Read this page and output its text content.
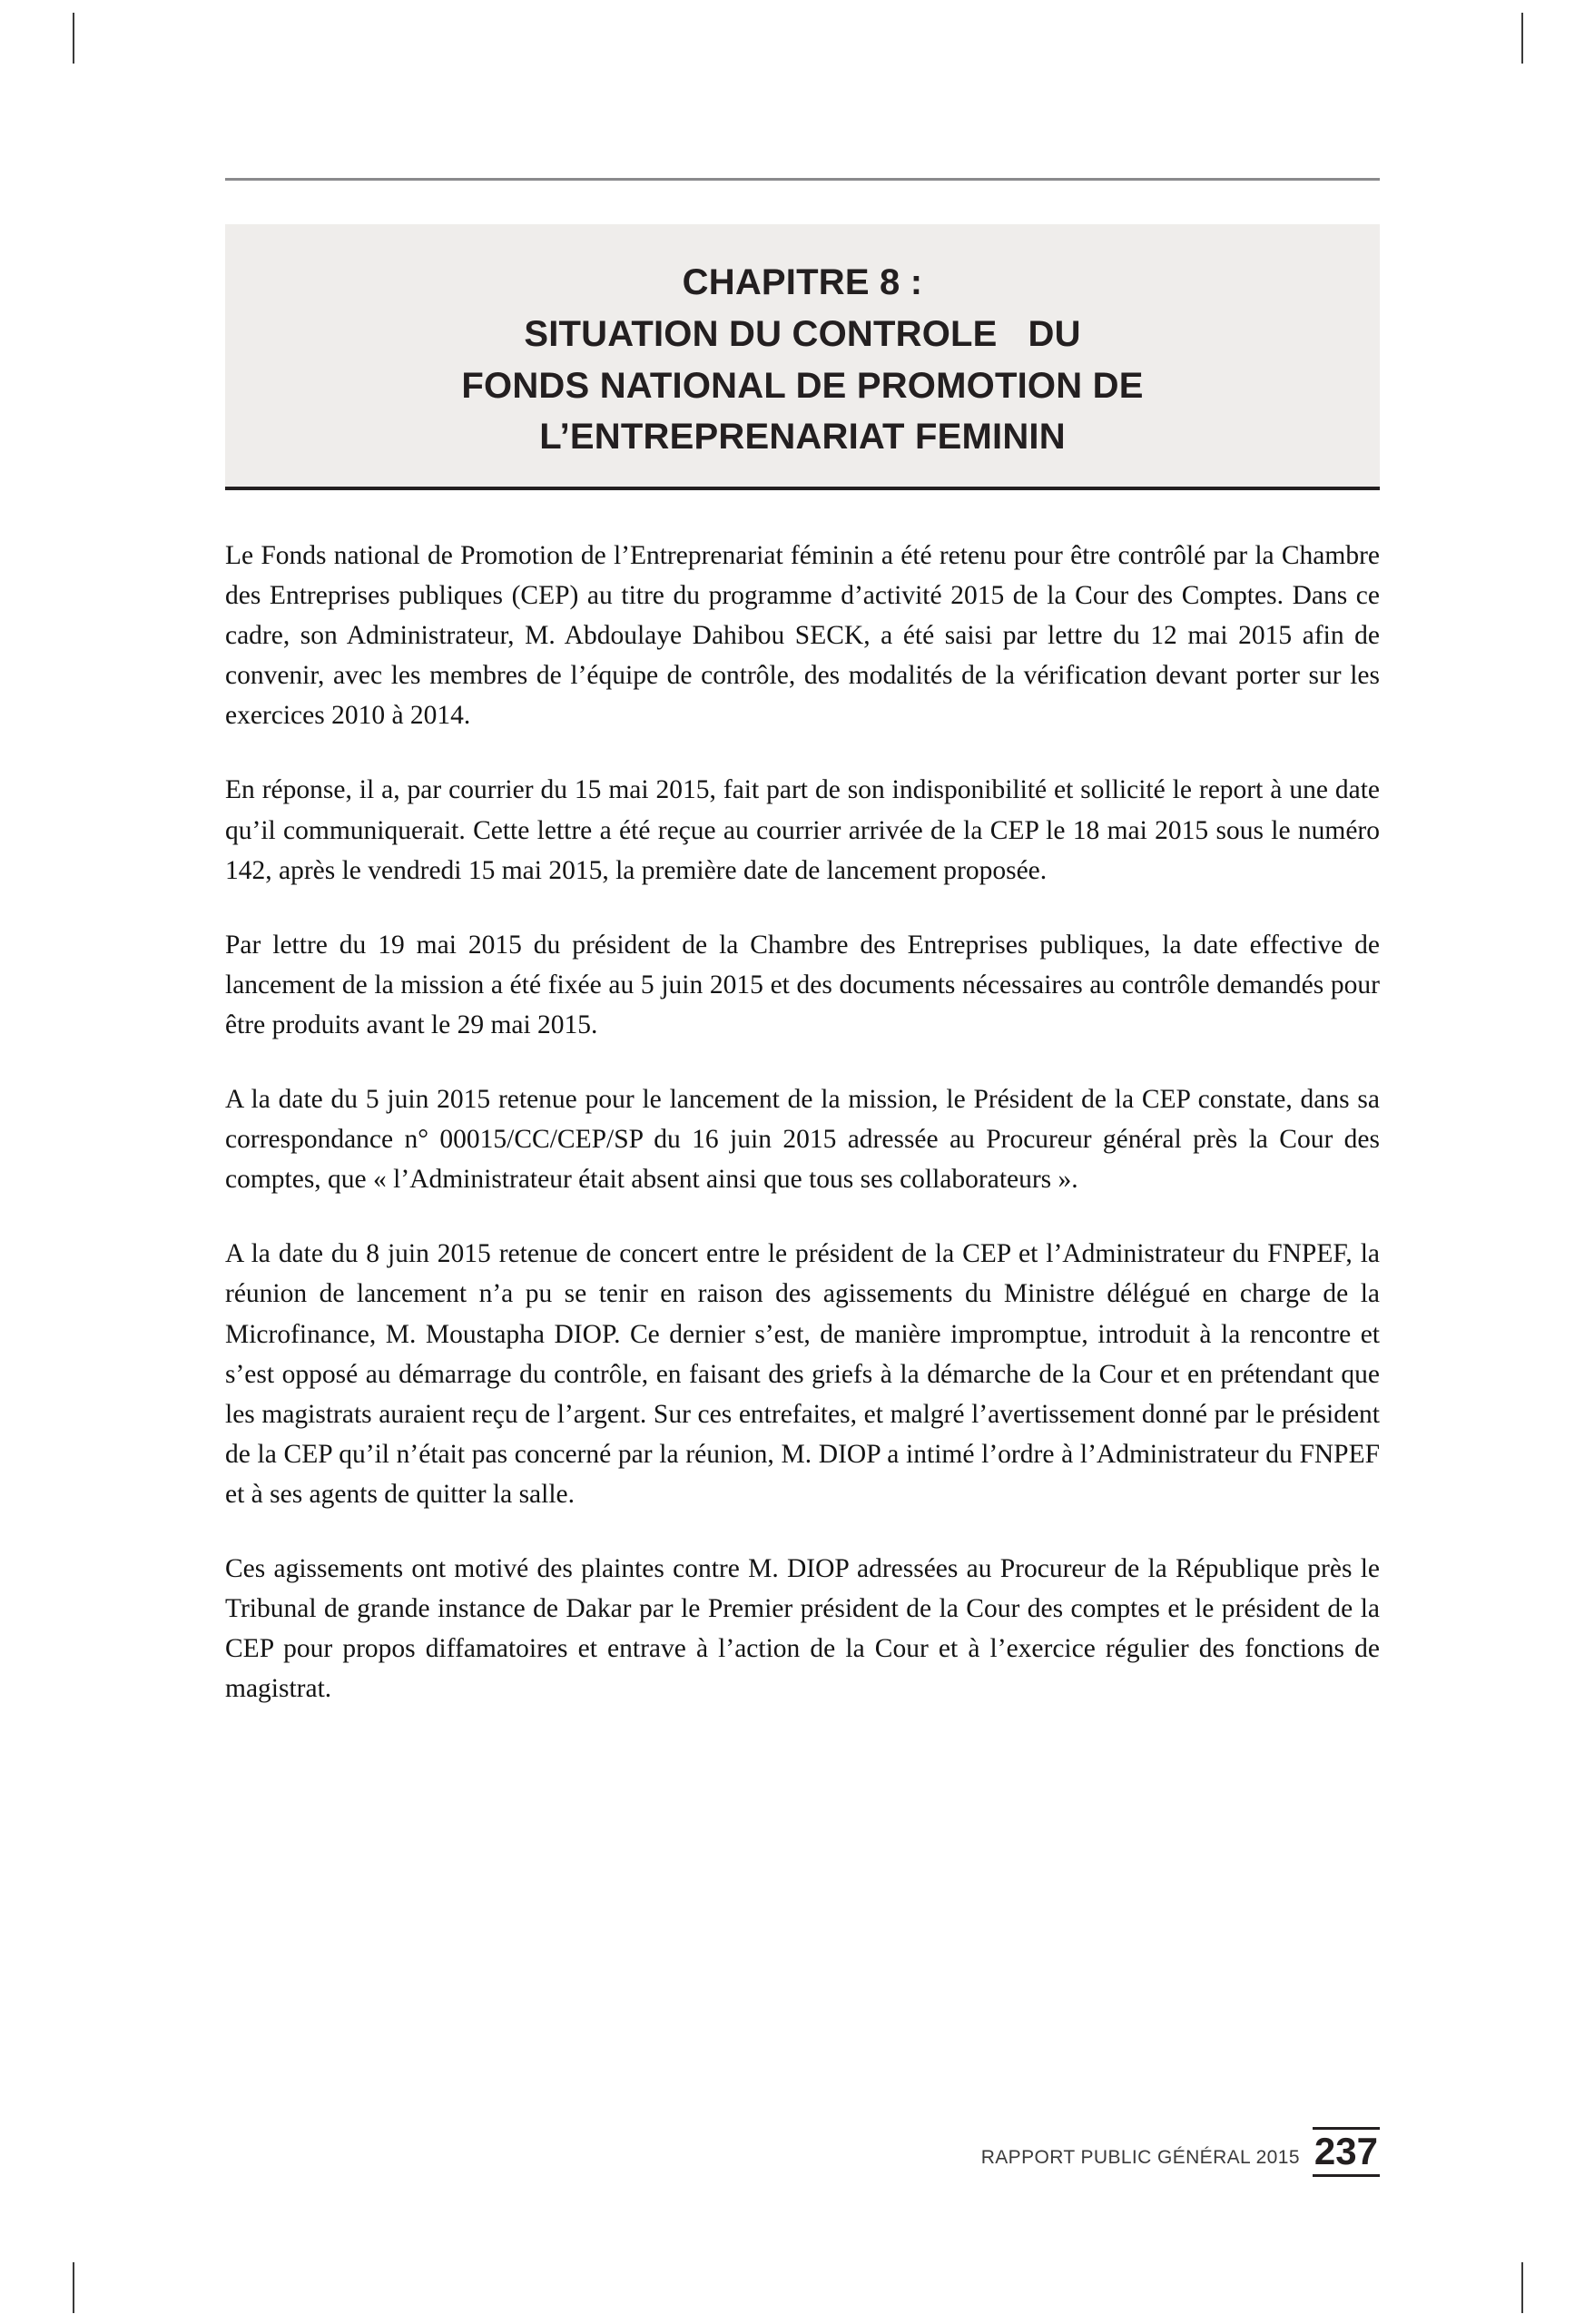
CHAPITRE 8 :
SITUATION DU CONTROLE   DU
FONDS NATIONAL DE PROMOTION DE
L’ENTREPRENARIAT FEMININ

Le Fonds national de Promotion de l’Entreprenariat féminin a été retenu pour être contrôlé par la Chambre des Entreprises publiques (CEP) au titre du programme d’activité 2015 de la Cour des Comptes. Dans ce cadre, son Administrateur, M. Abdoulaye Dahibou SECK, a été saisi par lettre du 12 mai 2015 afin de convenir, avec les membres de l’équipe de contrôle, des modalités de la vérification devant porter sur les exercices 2010 à 2014.

En réponse, il a, par courrier du 15 mai 2015, fait part de son indisponibilité et sollicité le report à une date qu’il communiquerait. Cette lettre a été reçue au courrier arrivée de la CEP le 18 mai 2015 sous le numéro 142, après le vendredi 15 mai 2015, la première date de lancement proposée.

Par lettre du 19 mai 2015 du président de la Chambre des Entreprises publiques, la date effective de lancement de la mission a été fixée au 5 juin 2015 et des documents nécessaires au contrôle demandés pour être produits avant le 29 mai 2015.

A la date du 5 juin 2015 retenue pour le lancement de la mission, le Président de la CEP constate, dans sa correspondance n° 00015/CC/CEP/SP du 16 juin 2015 adressée au Procureur général près la Cour des comptes, que « l’Administrateur était absent ainsi que tous ses collaborateurs ».

A la date du 8 juin 2015 retenue de concert entre le président de la CEP et l’Administrateur du FNPEF, la réunion de lancement n’a pu se tenir en raison des agissements du Ministre délégué en charge de la Microfinance, M. Moustapha DIOP. Ce dernier s’est, de manière impromptue, introduit à la rencontre et s’est opposé au démarrage du contrôle, en faisant des griefs à la démarche de la Cour et en prétendant que les magistrats auraient reçu de l’argent. Sur ces entrefaites, et malgré l’avertissement donné par le président de la CEP qu’il n’était pas concerné par la réunion, M. DIOP a intimé l’ordre à l’Administrateur du FNPEF et à ses agents de quitter la salle.

Ces agissements ont motivé des plaintes contre M. DIOP adressées au Procureur de la République près le Tribunal de grande instance de Dakar par le Premier président de la Cour des comptes et le président de la CEP pour propos diffamatoires et entrave à l’action de la Cour et à l’exercice régulier des fonctions de magistrat.

RAPPORT PUBLIC GÉNÉRAL 2015 237
